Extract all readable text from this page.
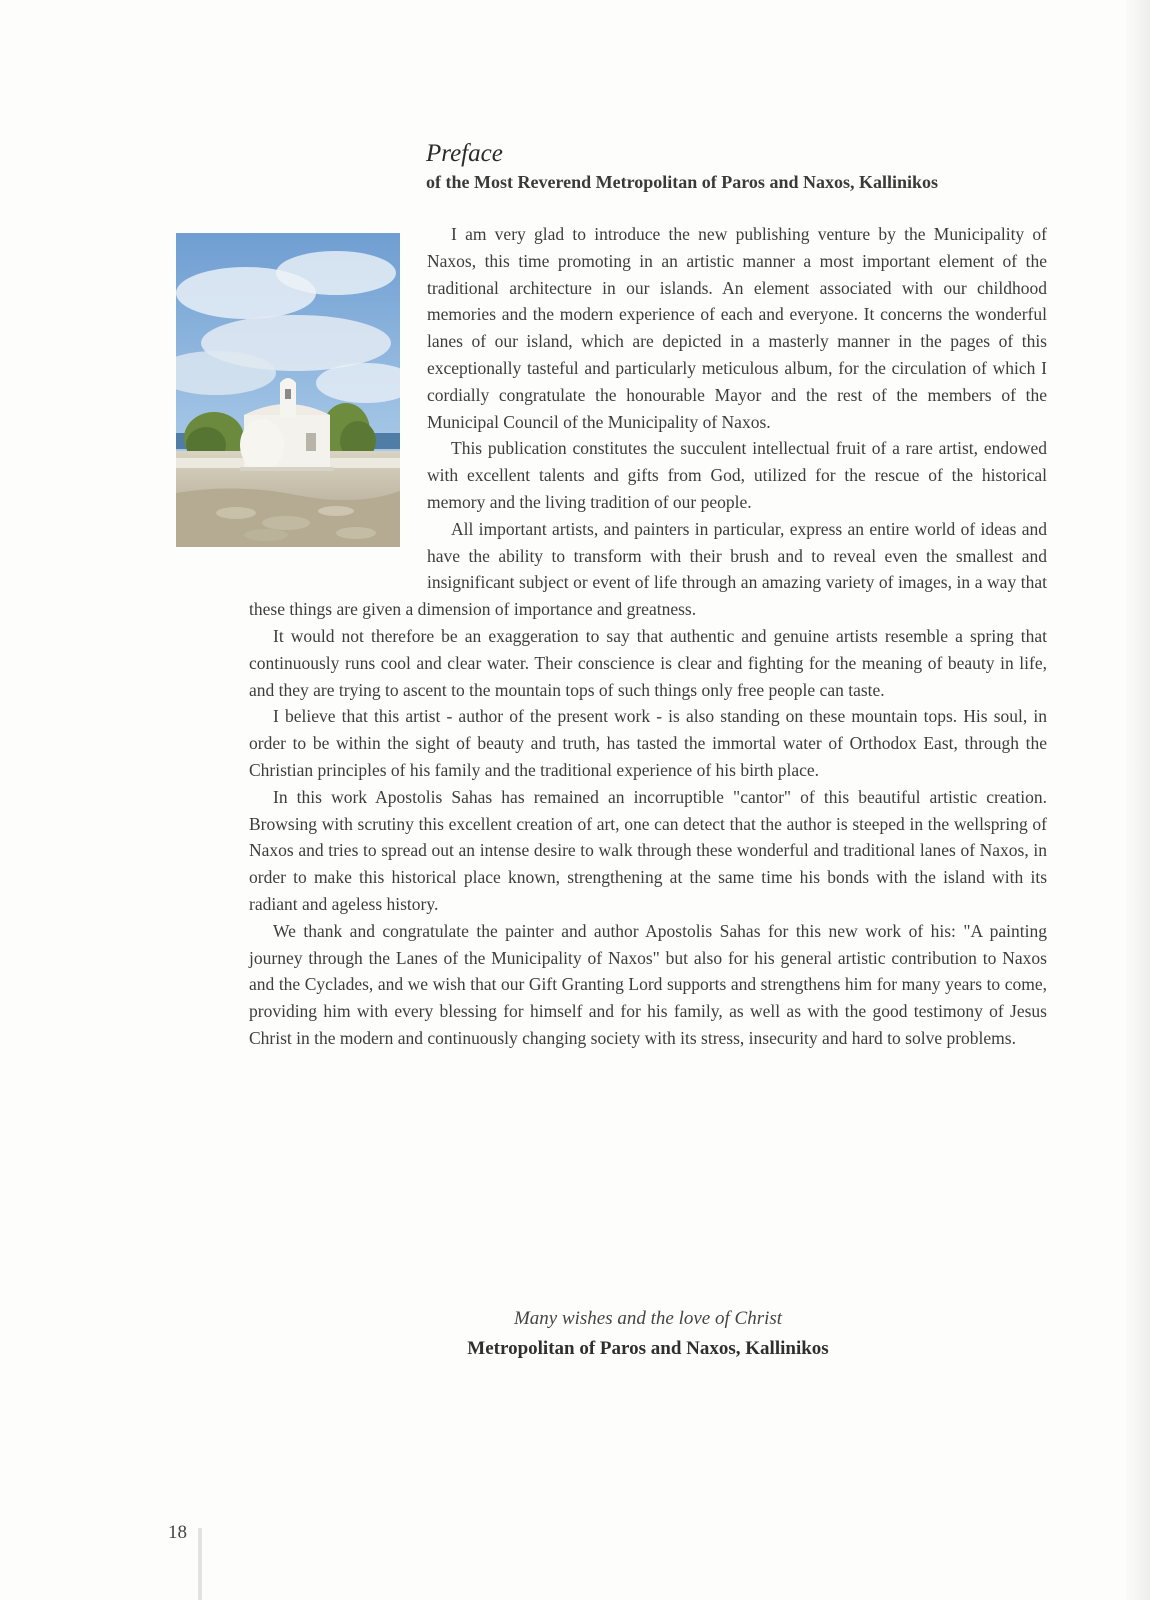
Preface
of the Most Reverend Metropolitan of Paros and Naxos, Kallinikos

I am very glad to introduce the new publishing venture by the Municipality of Naxos, this time promoting in an artistic manner a most important element of the traditional architecture in our islands. An element associated with our childhood memories and the modern experience of each and everyone. It concerns the wonderful lanes of our island, which are depicted in a masterly manner in the pages of this exceptionally tasteful and particularly meticulous album, for the circulation of which I cordially congratulate the honourable Mayor and the rest of the members of the Municipal Council of the Municipality of Naxos.

This publication constitutes the succulent intellectual fruit of a rare artist, endowed with excellent talents and gifts from God, utilized for the rescue of the historical memory and the living tradition of our people.

All important artists, and painters in particular, express an entire world of ideas and have the ability to transform with their brush and to reveal even the smallest and insignificant subject or event of life through an amazing variety of images, in a way that these things are given a dimension of importance and greatness.

It would not therefore be an exaggeration to say that authentic and genuine artists resemble a spring that continuously runs cool and clear water. Their conscience is clear and fighting for the meaning of beauty in life, and they are trying to ascent to the mountain tops of such things only free people can taste.

I believe that this artist - author of the present work - is also standing on these mountain tops. His soul, in order to be within the sight of beauty and truth, has tasted the immortal water of Orthodox East, through the Christian principles of his family and the traditional experience of his birth place.

In this work Apostolis Sahas has remained an incorruptible "cantor" of this beautiful artistic creation. Browsing with scrutiny this excellent creation of art, one can detect that the author is steeped in the wellspring of Naxos and tries to spread out an intense desire to walk through these wonderful and traditional lanes of Naxos, in order to make this historical place known, strengthening at the same time his bonds with the island with its radiant and ageless history.

We thank and congratulate the painter and author Apostolis Sahas for this new work of his: "A painting journey through the Lanes of the Municipality of Naxos" but also for his general artistic contribution to Naxos and the Cyclades, and we wish that our Gift Granting Lord supports and strengthens him for many years to come, providing him with every blessing for himself and for his family, as well as with the good testimony of Jesus Christ in the modern and continuously changing society with its stress, insecurity and hard to solve problems.

Many wishes and the love of Christ
Metropolitan of Paros and Naxos, Kallinikos
18
